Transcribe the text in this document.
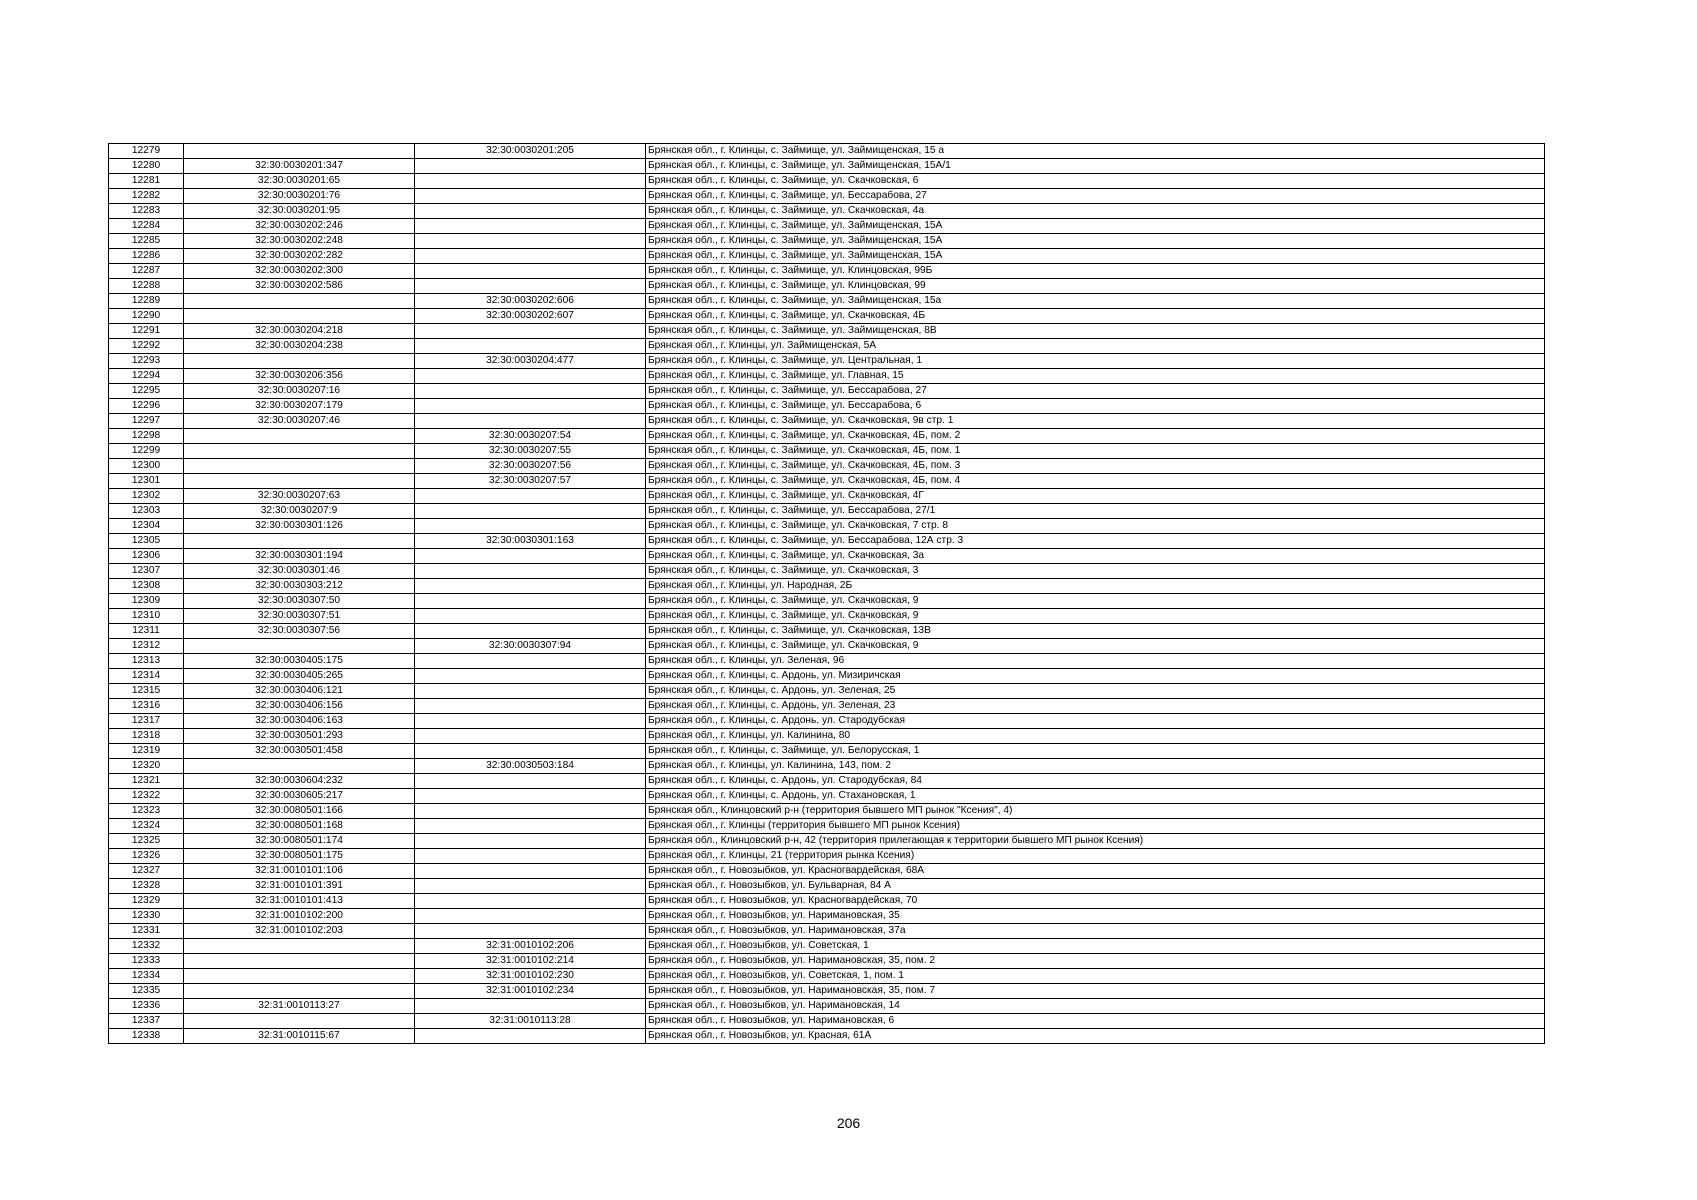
12279		32:30:0030201:205	Брянская обл., г. Клинцы, с. Займище, ул. Займищенская, 15 а
12280	32:30:0030201:347		Брянская обл., г. Клинцы, с. Займище, ул. Займищенская, 15А/1
12281	32:30:0030201:65		Брянская обл., г. Клинцы, с. Займище, ул. Скачковская, 6
12282	32:30:0030201:76		Брянская обл., г. Клинцы, с. Займище, ул. Бессарабова, 27
12283	32:30:0030201:95		Брянская обл., г. Клинцы, с. Займище, ул. Скачковская, 4а
12284	32:30:0030202:246		Брянская обл., г. Клинцы, с. Займище, ул. Займищенская, 15А
12285	32:30:0030202:248		Брянская обл., г. Клинцы, с. Займище, ул. Займищенская, 15А
12286	32:30:0030202:282		Брянская обл., г. Клинцы, с. Займище, ул. Займищенская, 15А
12287	32:30:0030202:300		Брянская обл., г. Клинцы, с. Займище, ул. Клинцовская, 99Б
12288	32:30:0030202:586		Брянская обл., г. Клинцы, с. Займище, ул. Клинцовская, 99
12289		32:30:0030202:606	Брянская обл., г. Клинцы, с. Займище, ул. Займищенская, 15а
12290		32:30:0030202:607	Брянская обл., г. Клинцы, с. Займище, ул. Скачковская, 4Б
12291	32:30:0030204:218		Брянская обл., г. Клинцы, с. Займище, ул. Займищенская, 8В
12292	32:30:0030204:238		Брянская обл., г. Клинцы, ул. Займищенская, 5А
12293		32:30:0030204:477	Брянская обл., г. Клинцы, с. Займище, ул. Центральная, 1
12294	32:30:0030206:356		Брянская обл., г. Клинцы, с. Займище, ул. Главная, 15
12295	32:30:0030207:16		Брянская обл., г. Клинцы, с. Займище, ул. Бессарабова, 27
12296	32:30:0030207:179		Брянская обл., г. Клинцы, с. Займище, ул. Бессарабова, 6
12297	32:30:0030207:46		Брянская обл., г. Клинцы, с. Займище, ул. Скачковская, 9в стр. 1
12298		32:30:0030207:54	Брянская обл., г. Клинцы, с. Займище, ул. Скачковская, 4Б, пом. 2
12299		32:30:0030207:55	Брянская обл., г. Клинцы, с. Займище, ул. Скачковская, 4Б, пом. 1
12300		32:30:0030207:56	Брянская обл., г. Клинцы, с. Займище, ул. Скачковская, 4Б, пом. 3
12301		32:30:0030207:57	Брянская обл., г. Клинцы, с. Займище, ул. Скачковская, 4Б, пом. 4
12302	32:30:0030207:63		Брянская обл., г. Клинцы, с. Займище, ул. Скачковская, 4Г
12303	32:30:0030207:9		Брянская обл., г. Клинцы, с. Займище, ул. Бессарабова, 27/1
12304	32:30:0030301:126		Брянская обл., г. Клинцы, с. Займище, ул. Скачковская, 7 стр. 8
12305		32:30:0030301:163	Брянская обл., г. Клинцы, с. Займище, ул. Бессарабова, 12А стр. 3
12306	32:30:0030301:194		Брянская обл., г. Клинцы, с. Займище, ул. Скачковская, 3а
12307	32:30:0030301:46		Брянская обл., г. Клинцы, с. Займище, ул. Скачковская, 3
12308	32:30:0030303:212		Брянская обл., г. Клинцы, ул. Народная, 2Б
12309	32:30:0030307:50		Брянская обл., г. Клинцы, с. Займище, ул. Скачковская, 9
12310	32:30:0030307:51		Брянская обл., г. Клинцы, с. Займище, ул. Скачковская, 9
12311	32:30:0030307:56		Брянская обл., г. Клинцы, с. Займище, ул. Скачковская, 13В
12312		32:30:0030307:94	Брянская обл., г. Клинцы, с. Займище, ул. Скачковская, 9
12313	32:30:0030405:175		Брянская обл., г. Клинцы, ул. Зеленая, 96
12314	32:30:0030405:265		Брянская обл., г. Клинцы, с. Ардонь, ул. Мизиричская
12315	32:30:0030406:121		Брянская обл., г. Клинцы, с. Ардонь, ул. Зеленая, 25
12316	32:30:0030406:156		Брянская обл., г. Клинцы, с. Ардонь, ул. Зеленая, 23
12317	32:30:0030406:163		Брянская обл., г. Клинцы, с. Ардонь, ул. Стародубская
12318	32:30:0030501:293		Брянская обл., г. Клинцы, ул. Калинина, 80
12319	32:30:0030501:458		Брянская обл., г. Клинцы, с. Займище, ул. Белорусская, 1
12320		32:30:0030503:184	Брянская обл., г. Клинцы, ул. Калинина, 143, пом. 2
12321	32:30:0030604:232		Брянская обл., г. Клинцы, с. Ардонь, ул. Стародубская, 84
12322	32:30:0030605:217		Брянская обл., г. Клинцы, с. Ардонь, ул. Стахановская, 1
12323	32:30:0080501:166		Брянская обл., Клинцовский р-н (территория бывшего МП рынок "Ксения", 4)
12324	32:30:0080501:168		Брянская обл., г. Клинцы (территория бывшего МП рынок Ксения)
12325	32:30:0080501:174		Брянская обл., Клинцовский р-н, 42 (территория прилегающая к территории бывшего МП рынок Ксения)
12326	32:30:0080501:175		Брянская обл., г. Клинцы, 21 (территория рынка Ксения)
12327	32:31:0010101:106		Брянская обл., г. Новозыбков, ул. Красногвардейская, 68А
12328	32:31:0010101:391		Брянская обл., г. Новозыбков, ул. Бульварная, 84 А
12329	32:31:0010101:413		Брянская обл., г. Новозыбков, ул. Красногвардейская, 70
12330	32:31:0010102:200		Брянская обл., г. Новозыбков, ул. Наримановская, 35
12331	32:31:0010102:203		Брянская обл., г. Новозыбков, ул. Наримановская, 37а
12332		32:31:0010102:206	Брянская обл., г. Новозыбков, ул. Советская, 1
12333		32:31:0010102:214	Брянская обл., г. Новозыбков, ул. Наримановская, 35, пом. 2
12334		32:31:0010102:230	Брянская обл., г. Новозыбков, ул. Советская, 1, пом. 1
12335		32:31:0010102:234	Брянская обл., г. Новозыбков, ул. Наримановская, 35, пом. 7
12336	32:31:0010113:27		Брянская обл., г. Новозыбков, ул. Наримановская, 14
12337		32:31:0010113:28	Брянская обл., г. Новозыбков, ул. Наримановская, 6
12338	32:31:0010115:67		Брянская обл., г. Новозыбков, ул. Красная, 61А
206
